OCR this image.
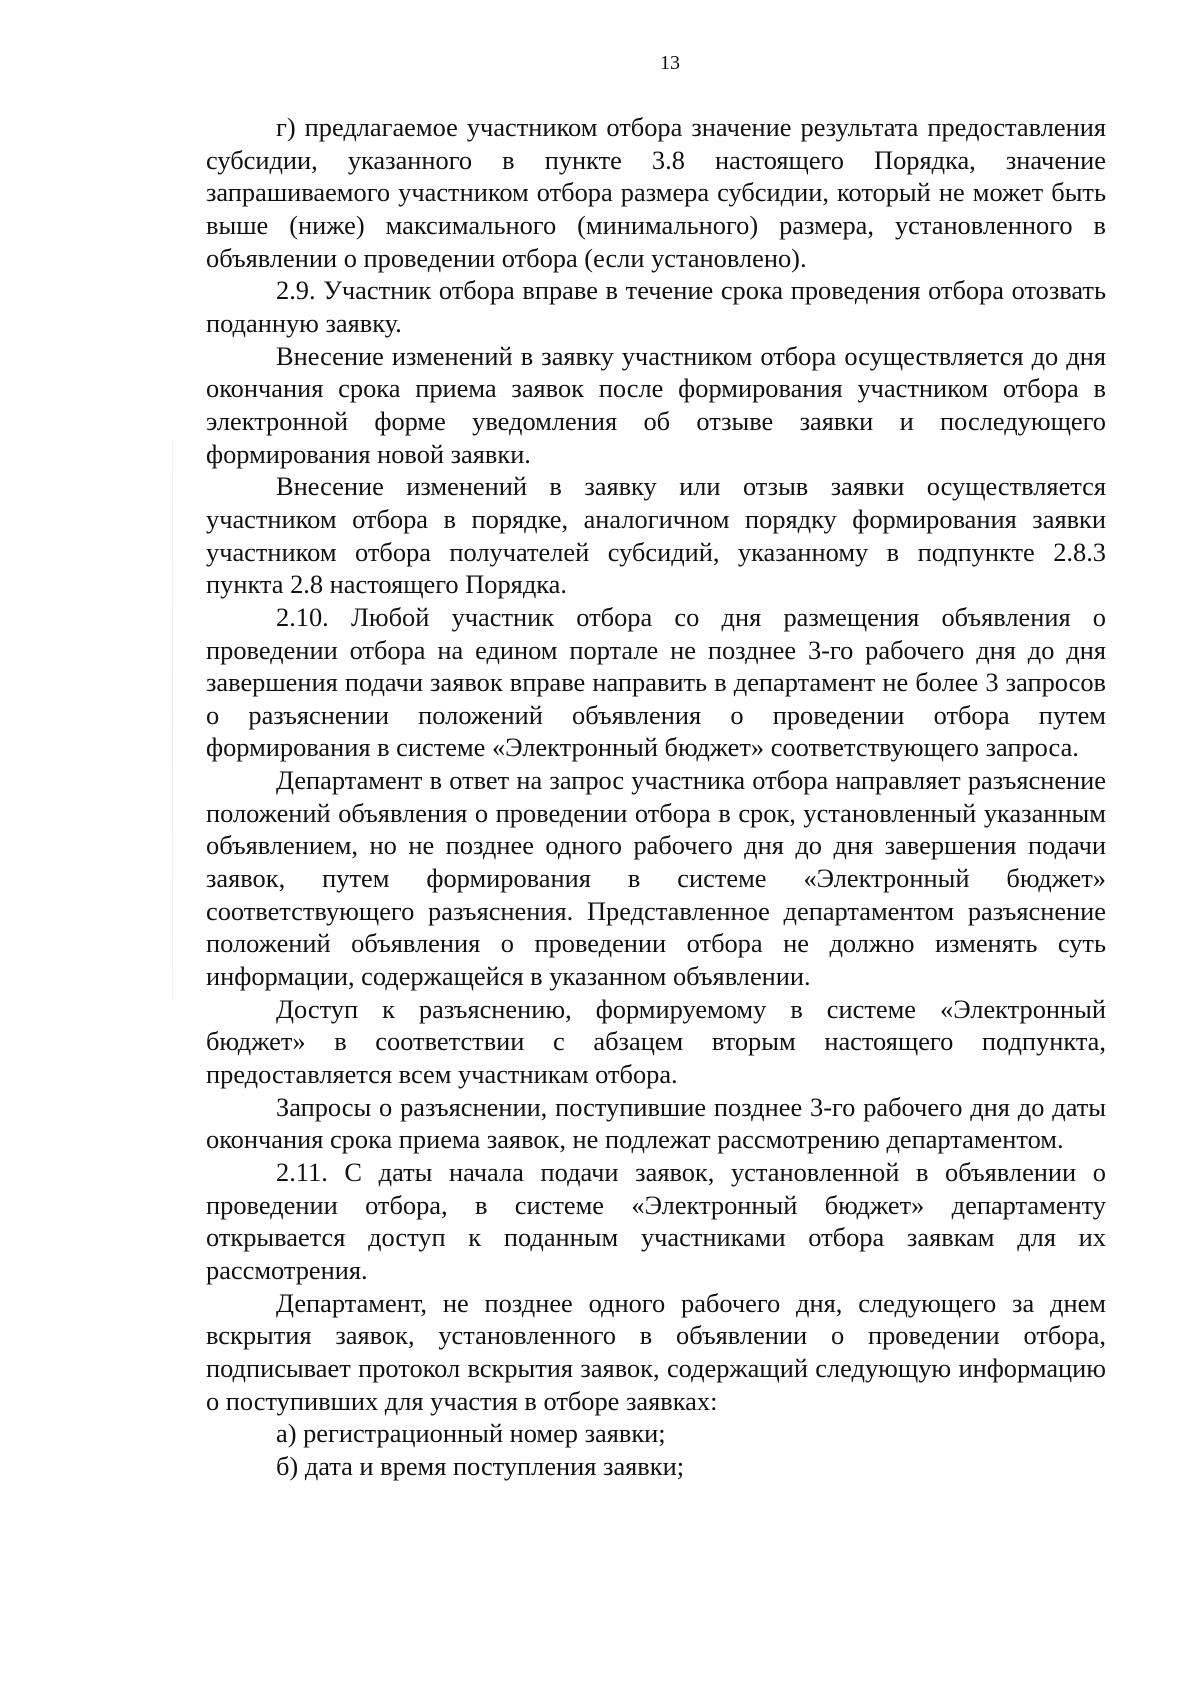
13

г) предлагаемое участником отбора значение результата предоставления субсидии, указанного в пункте 3.8 настоящего Порядка, значение запрашиваемого участником отбора размера субсидии, который не может быть выше (ниже) максимального (минимального) размера, установленного в объявлении о проведении отбора (если установлено).

2.9. Участник отбора вправе в течение срока проведения отбора отозвать поданную заявку.

Внесение изменений в заявку участником отбора осуществляется до дня окончания срока приема заявок после формирования участником отбора в электронной форме уведомления об отзыве заявки и последующего формирования новой заявки.

Внесение изменений в заявку или отзыв заявки осуществляется участником отбора в порядке, аналогичном порядку формирования заявки участником отбора получателей субсидий, указанному в подпункте 2.8.3 пункта 2.8 настоящего Порядка.

2.10. Любой участник отбора со дня размещения объявления о проведении отбора на едином портале не позднее 3-го рабочего дня до дня завершения подачи заявок вправе направить в департамент не более 3 запросов о разъяснении положений объявления о проведении отбора путем формирования в системе «Электронный бюджет» соответствующего запроса.

Департамент в ответ на запрос участника отбора направляет разъяснение положений объявления о проведении отбора в срок, установленный указанным объявлением, но не позднее одного рабочего дня до дня завершения подачи заявок, путем формирования в системе «Электронный бюджет» соответствующего разъяснения. Представленное департаментом разъяснение положений объявления о проведении отбора не должно изменять суть информации, содержащейся в указанном объявлении.

Доступ к разъяснению, формируемому в системе «Электронный бюджет» в соответствии с абзацем вторым настоящего подпункта, предоставляется всем участникам отбора.

Запросы о разъяснении, поступившие позднее 3-го рабочего дня до даты окончания срока приема заявок, не подлежат рассмотрению департаментом.

2.11. С даты начала подачи заявок, установленной в объявлении о проведении отбора, в системе «Электронный бюджет» департаменту открывается доступ к поданным участниками отбора заявкам для их рассмотрения.

Департамент, не позднее одного рабочего дня, следующего за днем вскрытия заявок, установленного в объявлении о проведении отбора, подписывает протокол вскрытия заявок, содержащий следующую информацию о поступивших для участия в отборе заявках:

а) регистрационный номер заявки;

б) дата и время поступления заявки;
